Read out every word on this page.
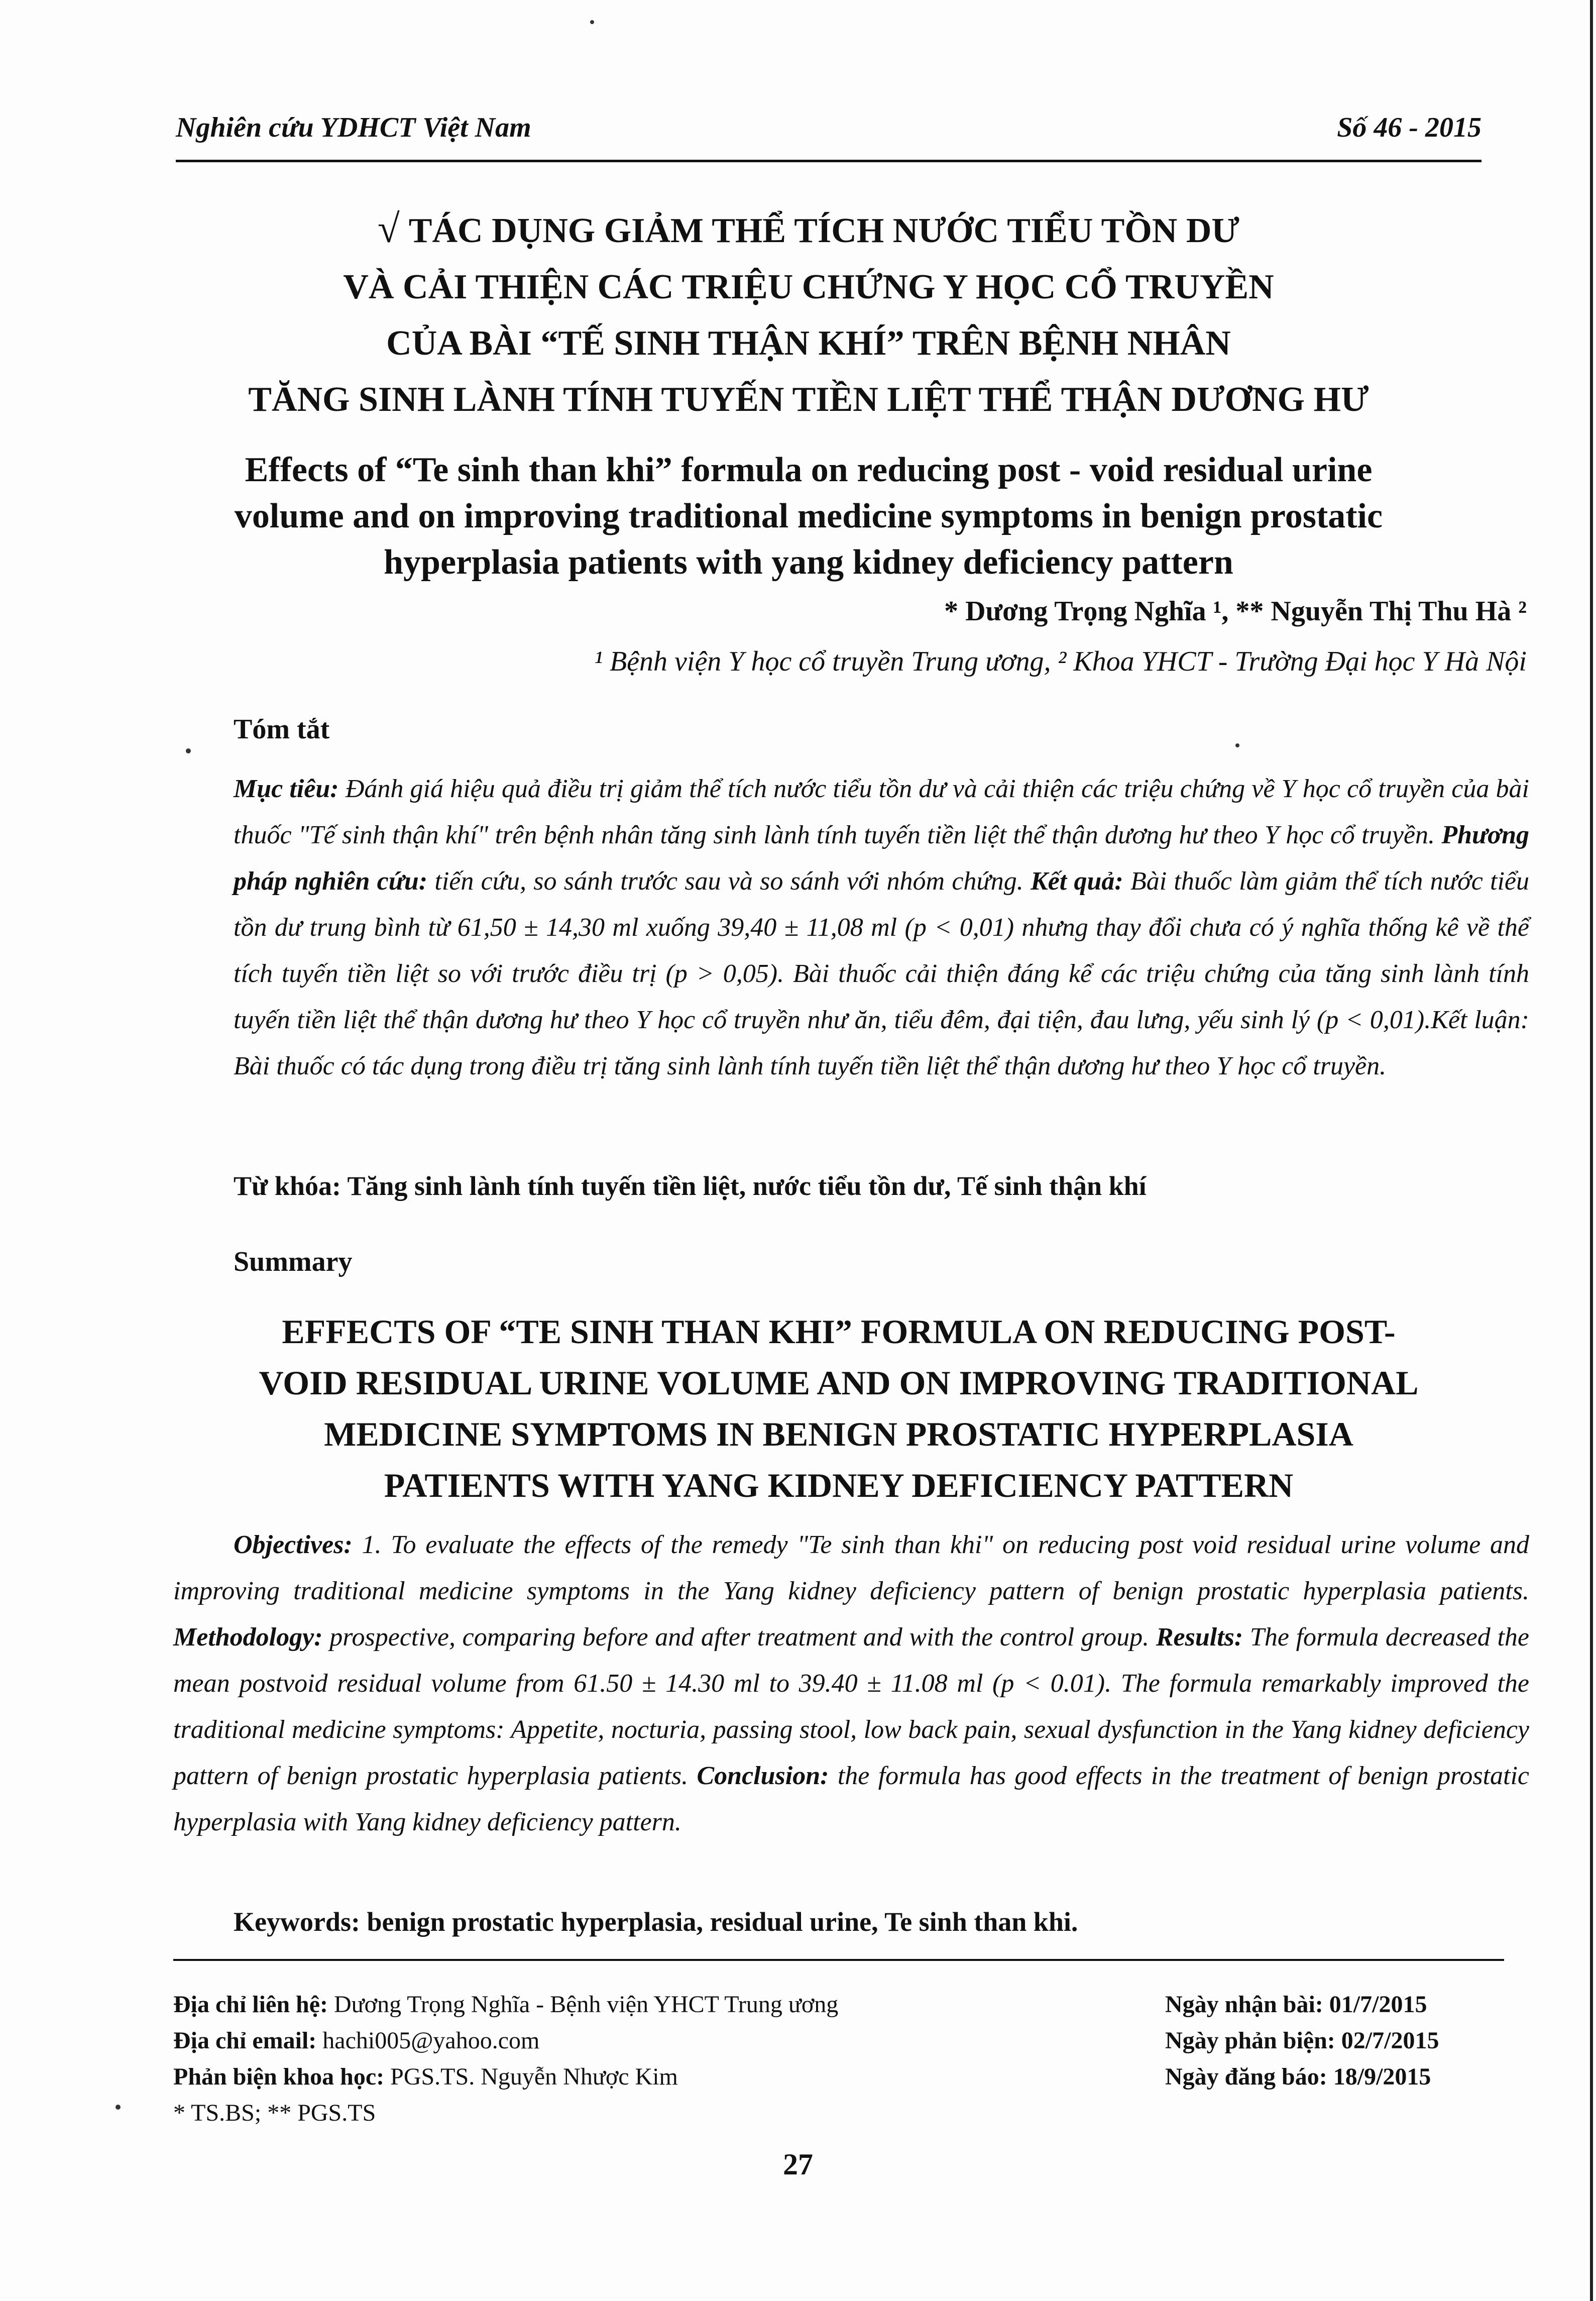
Nghiên cứu YDHCT Việt Nam	Số 46 - 2015
√ TÁC DỤNG GIẢM THỂ TÍCH NƯỚC TIỂU TỒN DƯ
VÀ CẢI THIỆN CÁC TRIỆU CHỨNG Y HỌC CỔ TRUYỀN
CỦA BÀI “TẾ SINH THẬN KHÍ” TRÊN BỆNH NHÂN
TĂNG SINH LÀNH TÍNH TUYẾN TIỀN LIỆT THỂ THẬN DƯƠNG HƯ
Effects of “Te sinh than khi” formula on reducing post - void residual urine
volume and on improving traditional medicine symptoms in benign prostatic
hyperplasia patients with yang kidney deficiency pattern
* Dương Trọng Nghĩa ¹, ** Nguyễn Thị Thu Hà ²
¹ Bệnh viện Y học cổ truyền Trung ương, ² Khoa YHCT - Trường Đại học Y Hà Nội
Tóm tắt

Mục tiêu: Đánh giá hiệu quả điều trị giảm thể tích nước tiểu tồn dư và cải thiện các triệu chứng về Y học cổ truyền của bài thuốc "Tế sinh thận khí" trên bệnh nhân tăng sinh lành tính tuyến tiền liệt thể thận dương hư theo Y học cổ truyền. Phương pháp nghiên cứu: tiến cứu, so sánh trước sau và so sánh với nhóm chứng. Kết quả: Bài thuốc làm giảm thể tích nước tiểu tồn dư trung bình từ 61,50 ± 14,30 ml xuống 39,40 ± 11,08 ml (p < 0,01) nhưng thay đổi chưa có ý nghĩa thống kê về thể tích tuyến tiền liệt so với trước điều trị (p > 0,05). Bài thuốc cải thiện đáng kể các triệu chứng của tăng sinh lành tính tuyến tiền liệt thể thận dương hư theo Y học cổ truyền như ăn, tiểu đêm, đại tiện, đau lưng, yếu sinh lý (p < 0,01).Kết luận: Bài thuốc có tác dụng trong điều trị tăng sinh lành tính tuyến tiền liệt thể thận dương hư theo Y học cổ truyền.

Từ khóa: Tăng sinh lành tính tuyến tiền liệt, nước tiểu tồn dư, Tế sinh thận khí
Summary
EFFECTS OF “TE SINH THAN KHI” FORMULA ON REDUCING POST-
VOID RESIDUAL URINE VOLUME AND ON IMPROVING TRADITIONAL
MEDICINE SYMPTOMS IN BENIGN PROSTATIC HYPERPLASIA
PATIENTS WITH YANG KIDNEY DEFICIENCY PATTERN
Objectives: 1. To evaluate the effects of the remedy "Te sinh than khi" on reducing post void residual urine volume and improving traditional medicine symptoms in the Yang kidney deficiency pattern of benign prostatic hyperplasia patients. Methodology: prospective, comparing before and after treatment and with the control group. Results: The formula decreased the mean postvoid residual volume from 61.50 ± 14.30 ml to 39.40 ± 11.08 ml (p < 0.01). The formula remarkably improved the traditional medicine symptoms: Appetite, nocturia, passing stool, low back pain, sexual dysfunction in the Yang kidney deficiency pattern of benign prostatic hyperplasia patients. Conclusion: the formula has good effects in the treatment of benign prostatic hyperplasia with Yang kidney deficiency pattern.
Keywords: benign prostatic hyperplasia, residual urine, Te sinh than khi.
Địa chỉ liên hệ: Dương Trọng Nghĩa - Bệnh viện YHCT Trung ương
Địa chỉ email: hachi005@yahoo.com
Phản biện khoa học: PGS.TS. Nguyễn Nhược Kim
* TS.BS; ** PGS.TS
Ngày nhận bài: 01/7/2015
Ngày phản biện: 02/7/2015
Ngày đăng báo: 18/9/2015
27
